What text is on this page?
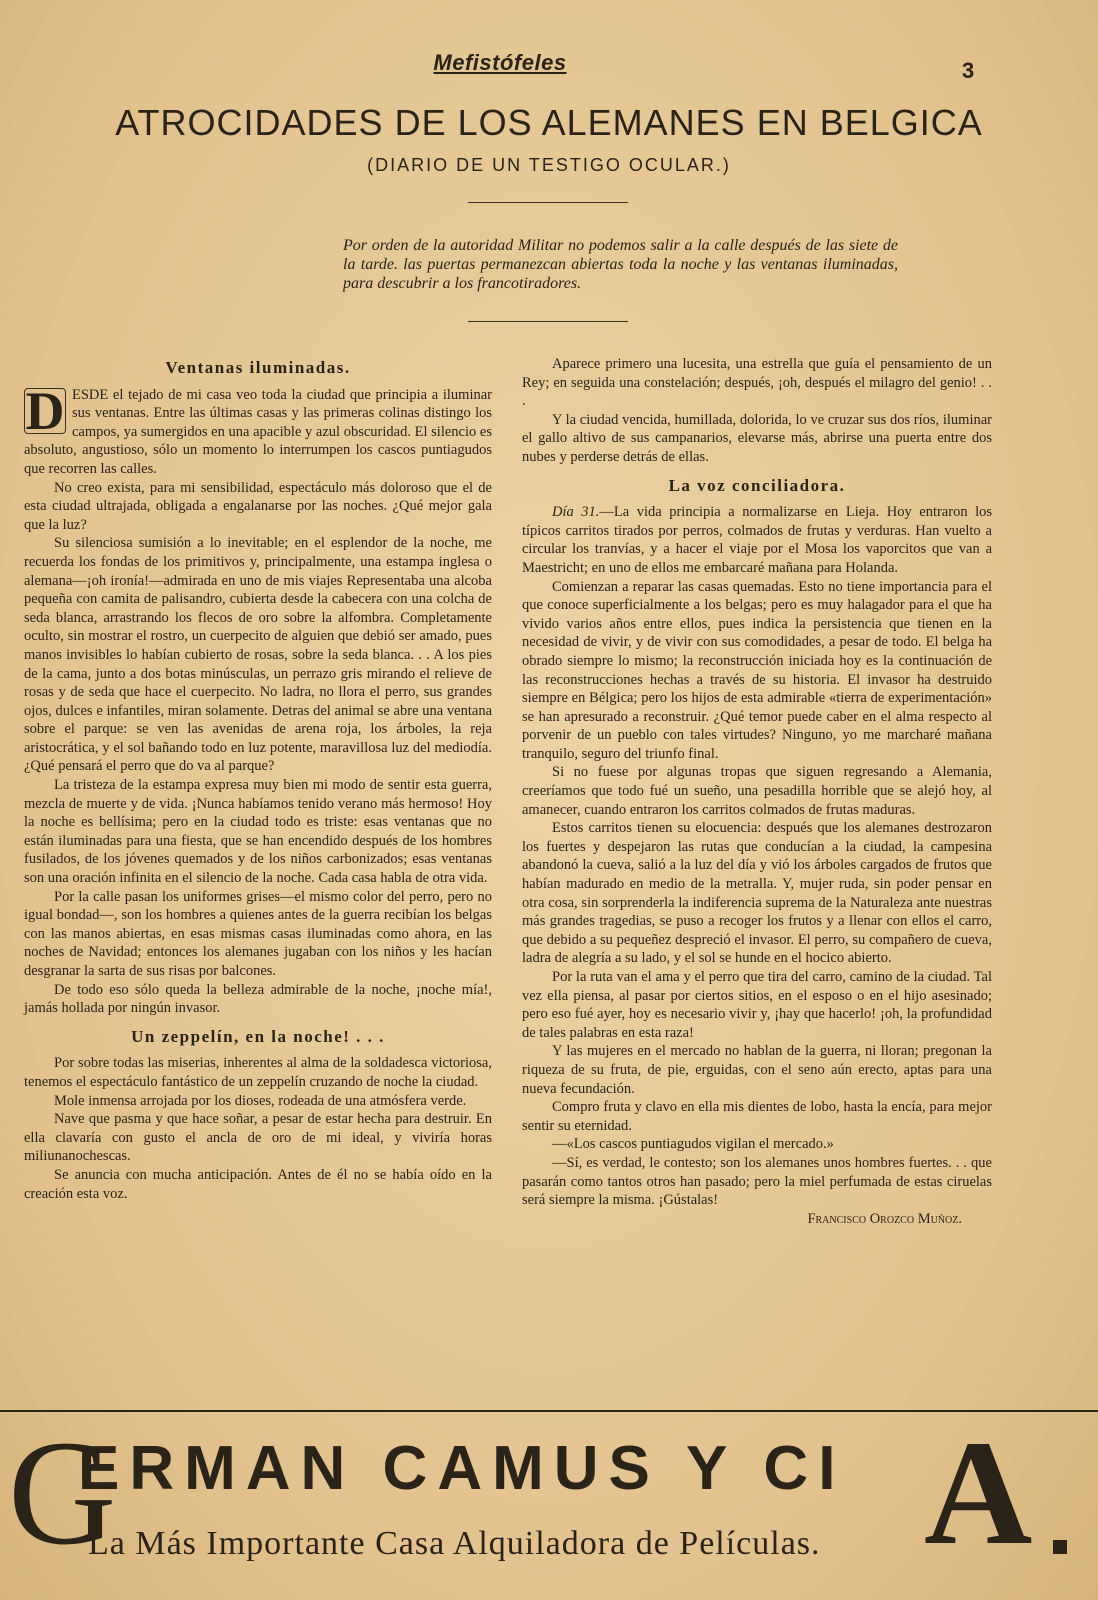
Mefistófeles	3
ATROCIDADES DE LOS ALEMANES EN BELGICA
(DIARIO DE UN TESTIGO OCULAR.)
Por orden de la autoridad Militar no podemos salir a la calle después de las siete de la tarde. las puertas permanezcan abiertas toda la noche y las ventanas iluminadas, para descubrir a los francotiradores.
Ventanas iluminadas.

D ESDE el tejado de mi casa veo toda la ciudad que principia a iluminar sus ventanas. Entre las últimas casas y las primeras colinas distingo los campos, ya sumergidos en una apacible y azul obscuridad. El silencio es absoluto, angustioso, sólo un momento lo interrumpen los cascos puntiagudos que recorren las calles.

No creo exista, para mi sensibilidad, espectáculo más doloroso que el de esta ciudad ultrajada, obligada a engalanarse por las noches. ¿Qué mejor gala que la luz?

Su silenciosa sumisión a lo inevitable; en el esplendor de la noche, me recuerda los fondas de los primitivos y, principalmente, una estampa inglesa o alemana—¡oh ironía!—admirada en uno de mis viajes Representaba una alcoba pequeña con camita de palisandro, cubierta desde la cabecera con una colcha de seda blanca, arrastrando los flecos de oro sobre la alfombra. Completamente oculto, sin mostrar el rostro, un cuerpecito de alguien que debió ser amado, pues manos invisibles lo habían cubierto de rosas, sobre la seda blanca. . . A los pies de la cama, junto a dos botas minúsculas, un perrazo gris mirando el relieve de rosas y de seda que hace el cuerpecito. No ladra, no llora el perro, sus grandes ojos, dulces e infantiles, miran solamente. Detras del animal se abre una ventana sobre el parque: se ven las avenidas de arena roja, los árboles, la reja aristocrática, y el sol bañando todo en luz potente, maravillosa luz del mediodía. ¿Qué pensará el perro que do va al parque?

La tristeza de la estampa expresa muy bien mi modo de sentir esta guerra, mezcla de muerte y de vida. ¡Nunca habíamos tenido verano más hermoso! Hoy la noche es bellísima; pero en la ciudad todo es triste: esas ventanas que no están iluminadas para una fiesta, que se han encendido después de los hombres fusilados, de los jóvenes quemados y de los niños carbonizados; esas ventanas son una oración infinita en el silencio de la noche. Cada casa habla de otra vida.

Por la calle pasan los uniformes grises—el mismo color del perro, pero no igual bondad—, son los hombres a quienes antes de la guerra recibían los belgas con las manos abiertas, en esas mismas casas iluminadas como ahora, en las noches de Navidad; entonces los alemanes jugaban con los niños y les hacían desgranar la sarta de sus risas por balcones.

De todo eso sólo queda la belleza admirable de la noche, ¡noche mía!, jamás hollada por ningún invasor.

Un zeppelín, en la noche! . . .

Por sobre todas las miserias, inherentes al alma de la soldadesca victoriosa, tenemos el espectáculo fantástico de un zeppelín cruzando de noche la ciudad.

Mole inmensa arrojada por los dioses, rodeada de una atmósfera verde.

Nave que pasma y que hace soñar, a pesar de estar hecha para destruir. En ella clavaría con gusto el ancla de oro de mi ideal, y viviría horas miliunanochescas.

Se anuncia con mucha anticipación. Antes de él no se había oído en la creación esta voz.

Aparece primero una lucesita, una estrella que guía el pensamiento de un Rey; en seguida una constelación; después, ¡oh, después el milagro del genio! . . .

Y la ciudad vencida, humillada, dolorida, lo ve cruzar sus dos ríos, iluminar el gallo altivo de sus campanarios, elevarse más, abrirse una puerta entre dos nubes y perderse detrás de ellas.

La voz conciliadora.

Día 31.—La vida principia a normalizarse en Lieja. Hoy entraron los típicos carritos tirados por perros, colmados de frutas y verduras. Han vuelto a circular los tranvías, y a hacer el viaje por el Mosa los vaporcitos que van a Maestricht; en uno de ellos me embarcaré mañana para Holanda.

Comienzan a reparar las casas quemadas. Esto no tiene importancia para el que conoce superficialmente a los belgas; pero es muy halagador para el que ha vivido varios años entre ellos, pues indica la persistencia que tienen en la necesidad de vivir, y de vivir con sus comodidades, a pesar de todo. El belga ha obrado siempre lo mismo; la reconstrucción iniciada hoy es la continuación de las reconstrucciones hechas a través de su historia. El invasor ha destruido siempre en Bélgica; pero los hijos de esta admirable «tierra de experimentación» se han apresurado a reconstruir. ¿Qué temor puede caber en el alma respecto al porvenir de un pueblo con tales virtudes? Ninguno, yo me marcharé mañana tranquilo, seguro del triunfo final.

Si no fuese por algunas tropas que siguen regresando a Alemania, creeríamos que todo fué un sueño, una pesadilla horrible que se alejó hoy, al amanecer, cuando entraron los carritos colmados de frutas maduras.

Estos carritos tienen su elocuencia: después que los alemanes destrozaron los fuertes y despejaron las rutas que conducían a la ciudad, la campesina abandonó la cueva, salió a la luz del día y vió los árboles cargados de frutos que habían madurado en medio de la metralla. Y, mujer ruda, sin poder pensar en otra cosa, sin sorprenderla la indiferencia suprema de la Naturaleza ante nuestras más grandes tragedias, se puso a recoger los frutos y a llenar con ellos el carro, que debido a su pequeñez despreció el invasor. El perro, su compañero de cueva, ladra de alegría a su lado, y el sol se hunde en el hocico abierto.

Por la ruta van el ama y el perro que tira del carro, camino de la ciudad. Tal vez ella piensa, al pasar por ciertos sitios, en el esposo o en el hijo asesinado; pero eso fué ayer, hoy es necesario vivir y, ¡hay que hacerlo! ¡oh, la profundidad de tales palabras en esta raza!

Y las mujeres en el mercado no hablan de la guerra, ni lloran; pregonan la riqueza de su fruta, de pie, erguidas, con el seno aún erecto, aptas para una nueva fecundación.

Compro fruta y clavo en ella mis dientes de lobo, hasta la encía, para mejor sentir su eternidad.

—«Los cascos puntiagudos vigilan el mercado.»

—Sí, es verdad, le contesto; son los alemanes unos hombres fuertes. . . que pasarán como tantos otros han pasado; pero la miel perfumada de estas ciruelas será siempre la misma. ¡Gústalas!

Francisco Orozco Muñoz.

G
ERMAN CAMUS Y CI A
La Más Importante Casa Alquiladora de Películas.
